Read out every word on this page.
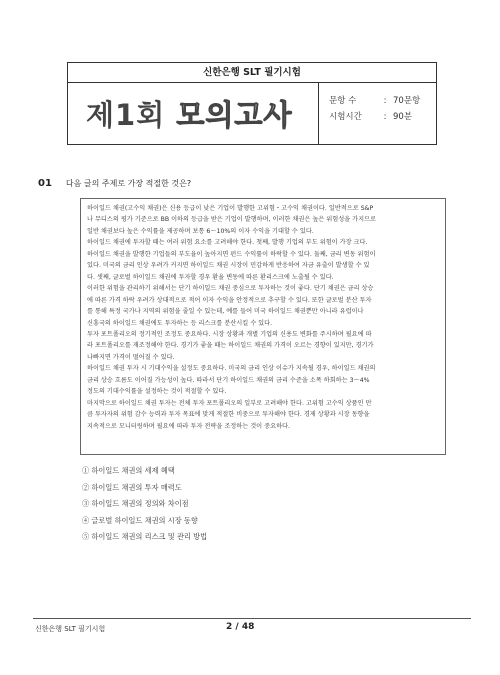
신한은행 SLT 필기시험
제1회
모의고사	문항 수	: 70문항
시험시간	: 90분
01 다음 글의 주제로 가장 적절한 것은?

하이일드 채권(고수익 채권)은 신용 등급이 낮은 기업이 발행한 고위험・고수익 채권이다. 일반적으로 S&P

나 무디스의 평가 기준으로 BB 이하의 등급을 받은 기업이 발행하며, 이러한 채권은 높은 위험성을 가지므로

일반 채권보다 높은 수익률을 제공하며 보통 6～10%의 이자 수익을 기대할 수 있다.

하이일드 채권에 투자할 때는 여러 위험 요소를 고려해야 한다. 첫째, 발행 기업의 부도 위험이 가장 크다.

하이일드 채권을 발행한 기업들의 부도율이 높아지면 펀드 수익률이 하락할 수 있다. 둘째, 금리 변동 위험이

있다. 미국의 금리 인상 우려가 커지면 하이일드 채권 시장이 민감하게 반응하여 자금 유출이 발생할 수 있

다. 셋째, 글로벌 하이일드 채권에 투자할 경우 환율 변동에 따른 환리스크에 노출될 수 있다.

이러한 위험을 관리하기 위해서는 단기 하이일드 채권 중심으로 투자하는 것이 좋다. 단기 채권은 금리 상승

에 따른 가격 하락 우려가 상대적으로 적어 이자 수익을 안정적으로 추구할 수 있다. 또한 글로벌 분산 투자

를 통해 특정 국가나 지역의 위험을 줄일 수 있는데, 예를 들어 미국 하이일드 채권뿐만 아니라 유럽이나

신흥국의 하이일드 채권에도 투자하는 등 리스크를 분산시킬 수 있다.

투자 포트폴리오의 정기적인 조정도 중요하다. 시장 상황과 개별 기업의 신용도 변화를 주시하며 필요에 따

라 포트폴리오를 재조정해야 한다. 경기가 좋을 때는 하이일드 채권의 가격이 오르는 경향이 있지만, 경기가

나빠지면 가격이 떨어질 수 있다.

하이일드 채권 투자 시 기대수익을 설정도 중요하다. 미국의 금리 인상 이슈가 지속될 경우, 하이일드 채권의

금리 상승 흐름도 이어질 가능성이 높다. 따라서 단기 하이일드 채권의 금리 수준을 소폭 하회하는 3～4%

정도의 기대수익률을 설정하는 것이 적절할 수 있다.

마지막으로 하이일드 채권 투자는 전체 투자 포트폴리오의 일부로 고려해야 한다. 고위험 고수익 상품인 만

큼 투자자의 위험 감수 능력과 투자 목표에 맞게 적절한 비중으로 투자해야 한다. 경제 상황과 시장 동향을

지속적으로 모니터링하며 필요에 따라 투자 전략을 조정하는 것이 중요하다.

① 하이일드 채권의 세제 혜택
② 하이일드 채권의 투자 매력도
③ 하이일드 채권의 정의와 차이점
④ 글로벌 하이일드 채권의 시장 동향
⑤ 하이일드 채권의 리스크 및 관리 방법
신한은행 SLT 필기시험	2 / 48
